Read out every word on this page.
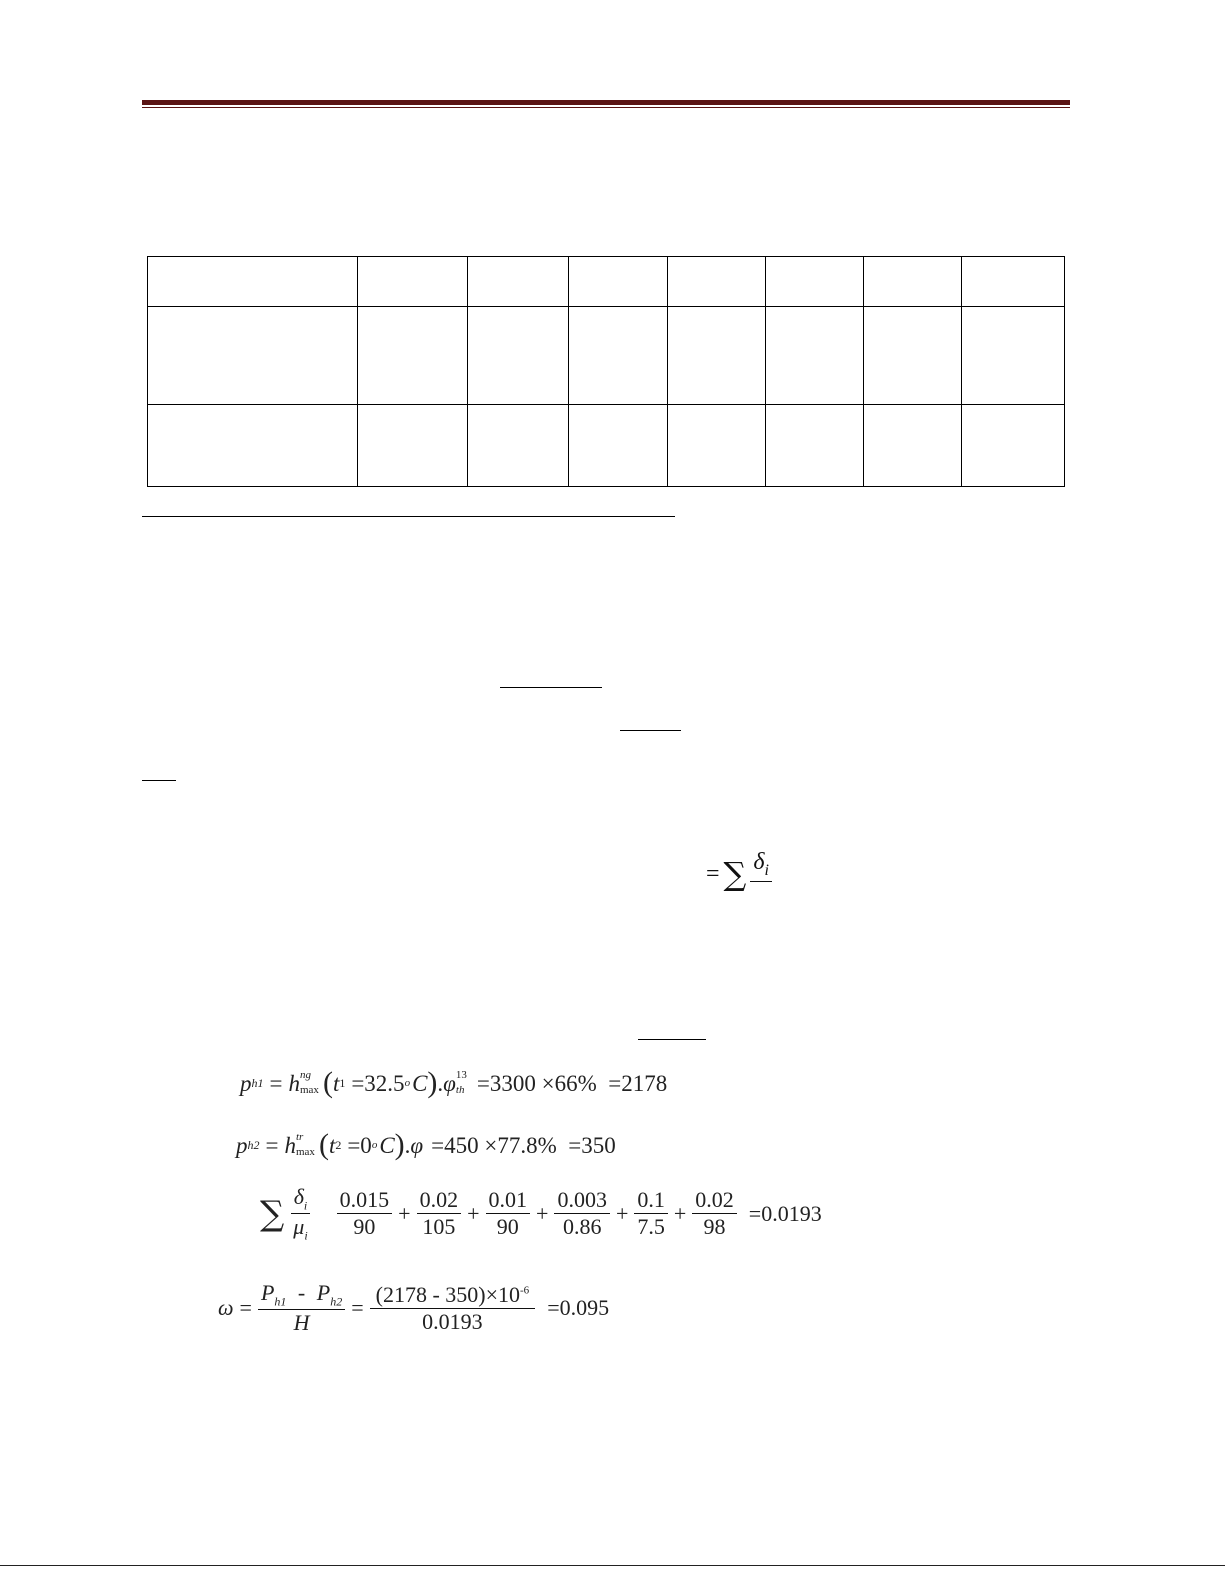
= ∑ $\delta_i$
p h1 = h ng
max ( t 1 =32.5 o C ) . φ 13
th =3300 ×66%  =2178
p h2 = h tr
max ( t 2 =0 o C ) . φ =450 ×77.8%  =350
∑ $\frac{\delta_i}{\mu_i} \frac{0.015}{90} + \frac{0.02}{105} + \frac{0.01}{90} + \frac{0.003}{0.86} + \frac{0.1}{7.5} + \frac{0.02}{98} =0.0193$
$\omega = \frac{P_{h1} - P_{h2}}{H} = \frac{(2178 - 350)\times 10^{-6}}{0.0193} =0.095$
